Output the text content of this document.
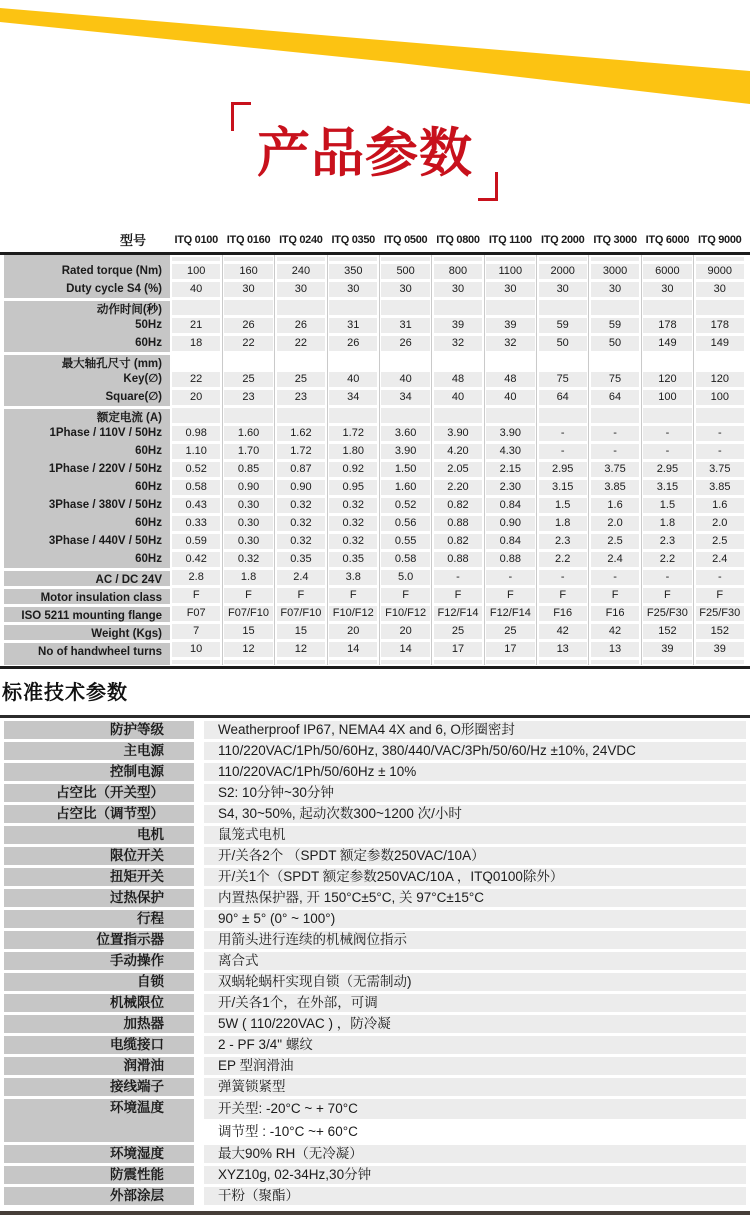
产品参数
型号	ITQ 0100 ITQ 0160 ITQ 0240 ITQ 0350 ITQ 0500 ITQ 0800 ITQ 1100 ITQ 2000 ITQ 3000 ITQ 6000 ITQ 9000
Rated torque (Nm)	100	160	240	350	500	800	1100	2000	3000	6000	9000
Duty cycle S4 (%)	40	30	30	30	30	30	30	30	30	30	30
动作时间(秒)
50Hz	21	26	26	31	31	39	39	59	59	178	178
60Hz	18	22	22	26	26	32	32	50	50	149	149
最大轴孔尺寸 (mm)
Key(∅)	22	25	25	40	40	48	48	75	75	120	120
Square(∅)	20	23	23	34	34	40	40	64	64	100	100
额定电流 (A)
1Phase / 110V / 50Hz	0.98	1.60	1.62	1.72	3.60	3.90	3.90	-	-	-	-
60Hz	1.10	1.70	1.72	1.80	3.90	4.20	4.30	-	-	-	-
1Phase / 220V / 50Hz	0.52	0.85	0.87	0.92	1.50	2.05	2.15	2.95	3.75	2.95	3.75
60Hz	0.58	0.90	0.90	0.95	1.60	2.20	2.30	3.15	3.85	3.15	3.85
3Phase / 380V / 50Hz	0.43	0.30	0.32	0.32	0.52	0.82	0.84	1.5	1.6	1.5	1.6
60Hz	0.33	0.30	0.32	0.32	0.56	0.88	0.90	1.8	2.0	1.8	2.0
3Phase / 440V / 50Hz	0.59	0.30	0.32	0.32	0.55	0.82	0.84	2.3	2.5	2.3	2.5
60Hz	0.42	0.32	0.35	0.35	0.58	0.88	0.88	2.2	2.4	2.2	2.4
AC / DC 24V	2.8	1.8	2.4	3.8	5.0	-	-	-	-	-	-
Motor insulation class	F	F	F	F	F	F	F	F	F	F	F
ISO 5211 mounting flange	F07	F07/F10	F07/F10	F10/F12	F10/F12	F12/F14	F12/F14	F16	F16	F25/F30	F25/F30
Weight (Kgs)	7	15	15	20	20	25	25	42	42	152	152
No of handwheel turns	10	12	12	14	14	17	17	13	13	39	39
标准技术参数
防护等级	Weatherproof IP67, NEMA4 4X and 6, O形圈密封
主电源	110/220VAC/1Ph/50/60Hz, 380/440/VAC/3Ph/50/60/Hz ±10%, 24VDC
控制电源	110/220VAC/1Ph/50/60Hz ± 10%
占空比（开关型）	S2: 10分钟~30分钟
占空比（调节型）	S4, 30~50%, 起动次数300~1200 次/小时
电机	鼠笼式电机
限位开关	开/关各2个 （SPDT 额定参数250VAC/10A）
扭矩开关	开/关1个（SPDT 额定参数250VAC/10A ，ITQ0100除外）
过热保护	内置热保护器, 开 150°C±5°C, 关 97°C±15°C
行程	90° ± 5° (0° ~ 100°)
位置指示器	用箭头进行连续的机械阀位指示
手动操作	离合式
自锁	双蜗轮蜗杆实现自锁（无需制动)
机械限位	开/关各1个，在外部，可调
加热器	5W ( 110/220VAC ) ，防冷凝
电缆接口	2 - PF 3/4" 螺纹
润滑油	EP 型润滑油
接线端子	弹簧锁紧型
环境温度	开关型: -20°C ~ + 70°C
调节型 : -10°C ~+ 60°C
环境湿度	最大90% RH（无冷凝）
防震性能	XYZ10g, 02-34Hz,30分钟
外部涂层	干粉（聚酯）
